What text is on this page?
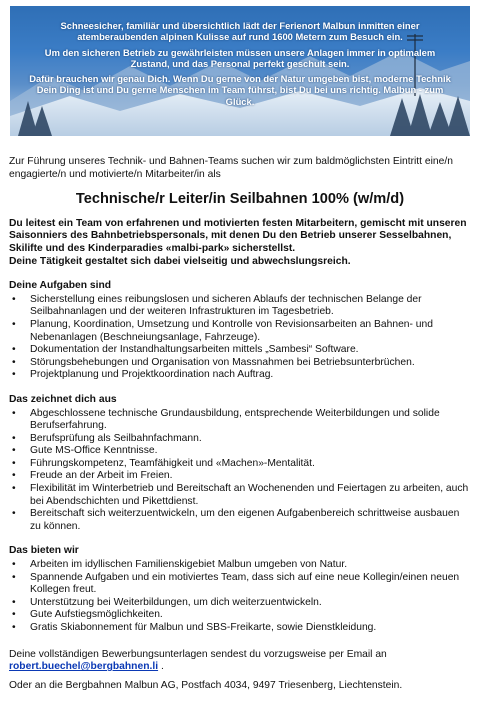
Schneesicher, familiär und übersichtlich lädt der Ferienort Malbun inmitten einer atemberaubenden alpinen Kulisse auf rund 1600 Metern zum Besuch ein.

Um den sicheren Betrieb zu gewährleisten müssen unsere Anlagen immer in optimalem Zustand, und das Personal perfekt geschult sein.

Dafür brauchen wir genau Dich. Wenn Du gerne von der Natur umgeben bist, moderne Technik Dein Ding ist und Du gerne Menschen im Team führst, bist Du bei uns richtig. Malbun - zum Glück.

Zur Führung unseres Technik- und Bahnen-Teams suchen wir zum baldmöglichsten Eintritt eine/n engagierte/n und motivierte/n Mitarbeiter/in als

Technische/r Leiter/in Seilbahnen 100% (w/m/d)

Du leitest ein Team von erfahrenen und motivierten festen Mitarbeitern, gemischt mit unseren Saisonniers des Bahnbetriebspersonals, mit denen Du den Betrieb unserer Sesselbahnen, Skilifte und des Kinderparadies «malbi-park» sicherstellst.
Deine Tätigkeit gestaltet sich dabei vielseitig und abwechslungsreich.

Deine Aufgaben sind
• Sicherstellung eines reibungslosen und sicheren Ablaufs der technischen Belange der Seilbahnanlagen und der weiteren Infrastrukturen im Tagesbetrieb.
• Planung, Koordination, Umsetzung und Kontrolle von Revisionsarbeiten an Bahnen- und Nebenanlagen (Beschneiungsanlage, Fahrzeuge).
• Dokumentation der Instandhaltungsarbeiten mittels „Sambesi“ Software.
• Störungsbehebungen und Organisation von Massnahmen bei Betriebsunterbrüchen.
• Projektplanung und Projektkoordination nach Auftrag.
Das zeichnet dich aus
• Abgeschlossene technische Grundausbildung, entsprechende Weiterbildungen und solide Berufserfahrung.
• Berufsprüfung als Seilbahnfachmann.
• Gute MS-Office Kenntnisse.
• Führungskompetenz, Teamfähigkeit und «Machen»-Mentalität.
• Freude an der Arbeit im Freien.
• Flexibilität im Winterbetrieb und Bereitschaft an Wochenenden und Feiertagen zu arbeiten, auch bei Abendschichten und Pikettdienst.
• Bereitschaft sich weiterzuentwickeln, um den eigenen Aufgabenbereich schrittweise ausbauen zu können.
Das bieten wir
• Arbeiten im idyllischen Familienskigebiet Malbun umgeben von Natur.
• Spannende Aufgaben und ein motiviertes Team, dass sich auf eine neue Kollegin/einen neuen Kollegen freut.
• Unterstützung bei Weiterbildungen, um dich weiterzuentwickeln.
• Gute Aufstiegsmöglichkeiten.
• Gratis Skiabonnement für Malbun und SBS-Freikarte, sowie Dienstkleidung.

Deine vollständigen Bewerbungsunterlagen sendest du vorzugsweise per Email an
robert.buechel@bergbahnen.li .

Oder an die Bergbahnen Malbun AG, Postfach 4034, 9497 Triesenberg, Liechtenstein.
